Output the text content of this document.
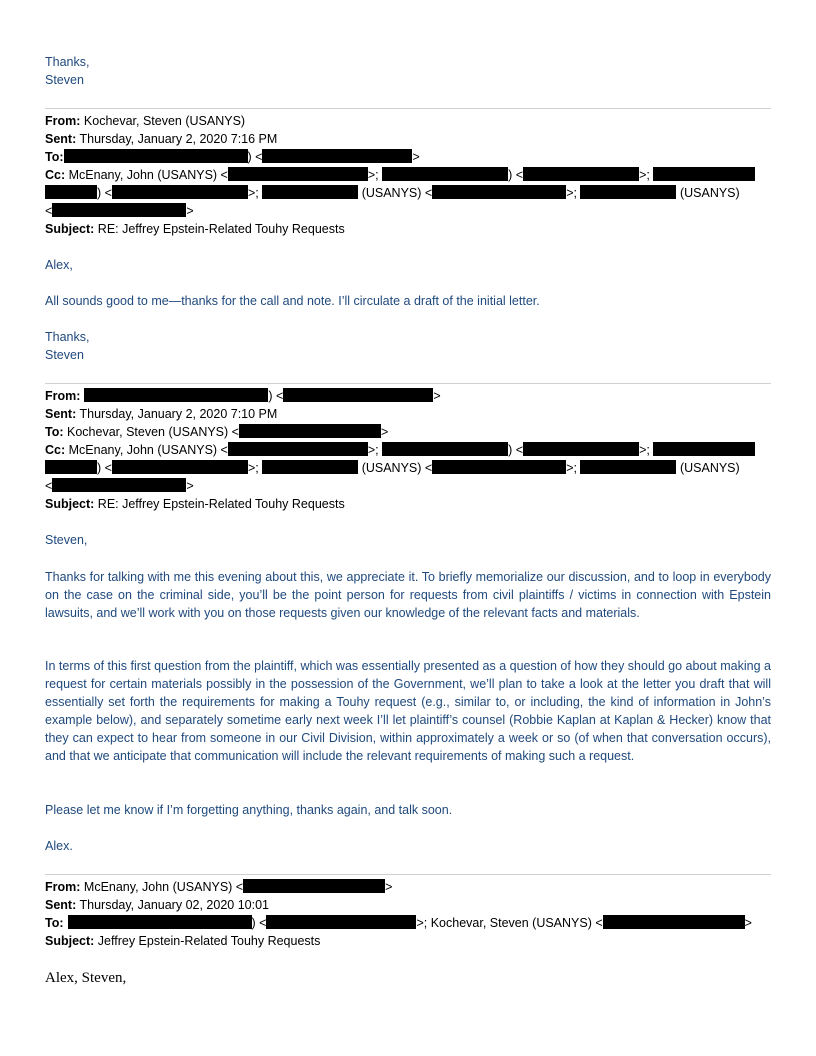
Thanks,
Steven
From: Kochevar, Steven (USANYS)
Sent: Thursday, January 2, 2020 7:16 PM
To:	) <	>
Cc: McEnany, John (USANYS) <	>;	) <	>;
) <	>;	(USANYS) <	>;	(USANYS)
<	>
Subject: RE: Jeffrey Epstein-Related Touhy Requests
Alex,
All sounds good to me—thanks for the call and note. I’ll circulate a draft of the initial letter.
Thanks,
Steven
From:	) <	>
Sent: Thursday, January 2, 2020 7:10 PM
To: Kochevar, Steven (USANYS) <	>
Cc: McEnany, John (USANYS) <	>;	) <	>;
) <	>;	(USANYS) <	>;	(USANYS)
<	>
Subject: RE: Jeffrey Epstein-Related Touhy Requests
Steven,
Thanks for talking with me this evening about this, we appreciate it. To briefly memorialize our discussion, and to loop in everybody on the case on the criminal side, you’ll be the point person for requests from civil plaintiffs / victims in connection with Epstein lawsuits, and we’ll work with you on those requests given our knowledge of the relevant facts and materials.
In terms of this first question from the plaintiff, which was essentially presented as a question of how they should go about making a request for certain materials possibly in the possession of the Government, we’ll plan to take a look at the letter you draft that will essentially set forth the requirements for making a Touhy request (e.g., similar to, or including, the kind of information in John’s example below), and separately sometime early next week I’ll let plaintiff’s counsel (Robbie Kaplan at Kaplan & Hecker) know that they can expect to hear from someone in our Civil Division, within approximately a week or so (of when that conversation occurs), and that we anticipate that communication will include the relevant requirements of making such a request.
Please let me know if I’m forgetting anything, thanks again, and talk soon.
Alex.
From: McEnany, John (USANYS) <	>
Sent: Thursday, January 02, 2020 10:01
To:	) <	>; Kochevar, Steven (USANYS) <	>
Subject: Jeffrey Epstein-Related Touhy Requests
Alex, Steven,
